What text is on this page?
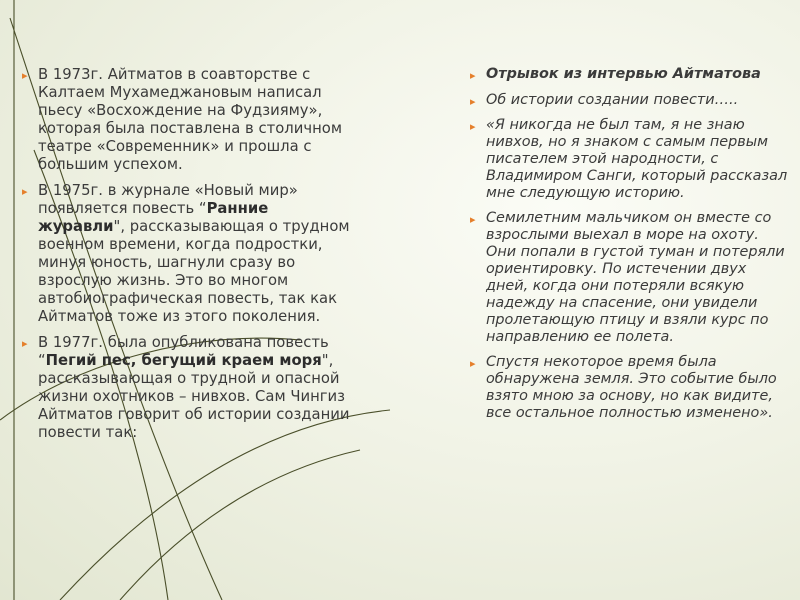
▸ В 1973г. Айтматов в соавторстве с Калтаем Мухамеджановым написал пьесу «Восхождение на Фудзияму», которая была поставлена в столичном театре «Современник» и прошла с большим успехом.
▸ В 1975г. в журнале «Новый мир» появляется повесть “Ранние журавли", рассказывающая о трудном военном времени, когда подростки, минуя юность, шагнули сразу во взрослую жизнь. Это во многом автобиографическая повесть, так как Айтматов тоже из этого поколения.
▸ В 1977г. была опубликована повесть “Пегий пес, бегущий краем моря", рассказывающая о трудной и опасной жизни охотников – нивхов. Сам Чингиз Айтматов говорит об истории создании повести так:
▸ Отрывок из интервью Айтматова
▸ Об истории создании повести…..
▸ «Я никогда не был там, я не знаю нивхов, но я знаком с самым первым писателем этой народности, с Владимиром Санги, который рассказал мне следующую историю.
▸ Семилетним мальчиком он вместе со взрослыми выехал в море на охоту. Они попали в густой туман и потеряли ориентировку. По истечении двух дней, когда они потеряли всякую надежду на спасение, они увидели пролетающую птицу и взяли курс по направлению ее полета.
▸ Спустя некоторое время была обнаружена земля. Это событие было взято мною за основу, но как видите, все остальное полностью изменено».
